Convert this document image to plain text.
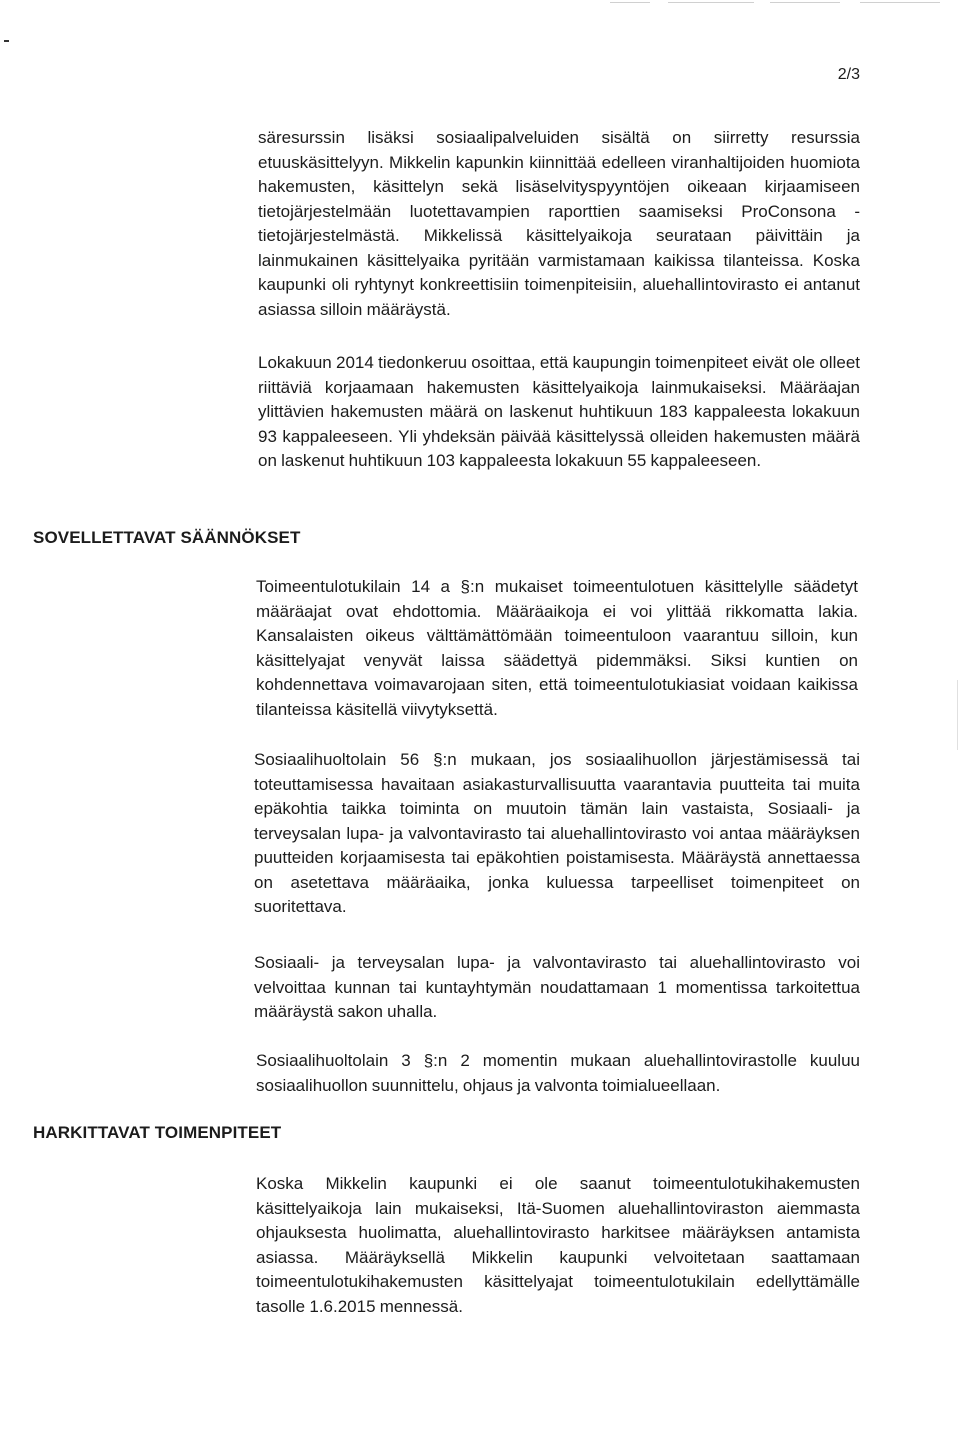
2/3

säresurssin lisäksi sosiaalipalveluiden sisältä on siirretty resurssia etuuskäsittelyyn. Mikkelin kapunkin kiinnittää edelleen viranhaltijoiden huomiota hakemusten, käsittelyn sekä lisäselvityspyyntöjen oikeaan kirjaamiseen tietojärjestelmään luotettavampien raporttien saamiseksi ProConsona -tietojärjestelmästä. Mikkelissä käsittelyaikoja seurataan päivittäin ja lainmukainen käsittelyaika pyritään varmistamaan kaikissa tilanteissa. Koska kaupunki oli ryhtynyt konkreettisiin toimenpiteisiin, aluehallintovirasto ei antanut asiassa silloin määräystä.

Lokakuun 2014 tiedonkeruu osoittaa, että kaupungin toimenpiteet eivät ole olleet riittäviä korjaamaan hakemusten käsittelyaikoja lainmukaiseksi. Määräajan ylittävien hakemusten määrä on laskenut huhtikuun 183 kappaleesta lokakuun 93 kappaleeseen. Yli yhdeksän päivää käsittelyssä olleiden hakemusten määrä on laskenut huhtikuun 103 kappaleesta lokakuun 55 kappaleeseen.

SOVELLETTAVAT SÄÄNNÖKSET

Toimeentulotukilain 14 a §:n mukaiset toimeentulotuen käsittelylle säädetyt määräajat ovat ehdottomia. Määräaikoja ei voi ylittää rikkomatta lakia. Kansalaisten oikeus välttämättömään toimeentuloon vaarantuu silloin, kun käsittelyajat venyvät laissa säädettyä pidemmäksi. Siksi kuntien on kohdennettava voimavarojaan siten, että toimeentulotukiasiat voidaan kaikissa tilanteissa käsitellä viivytyksettä.

Sosiaalihuoltolain 56 §:n mukaan, jos sosiaalihuollon järjestämisessä tai toteuttamisessa havaitaan asiakasturvallisuutta vaarantavia puutteita tai muita epäkohtia taikka toiminta on muutoin tämän lain vastaista, Sosiaali- ja terveysalan lupa- ja valvontavirasto tai aluehallintovirasto voi antaa määräyksen puutteiden korjaamisesta tai epäkohtien poistamisesta. Määräystä annettaessa on asetettava määräaika, jonka kuluessa tarpeelliset toimenpiteet on suoritettava.

Sosiaali- ja terveysalan lupa- ja valvontavirasto tai aluehallintovirasto voi velvoittaa kunnan tai kuntayhtymän noudattamaan 1 momentissa tarkoitettua määräystä sakon uhalla.

Sosiaalihuoltolain 3 §:n 2 momentin mukaan aluehallintovirastolle kuuluu sosiaalihuollon suunnittelu, ohjaus ja valvonta toimialueellaan.

HARKITTAVAT TOIMENPITEET

Koska Mikkelin kaupunki ei ole saanut toimeentulotukihakemusten käsittelyaikoja lain mukaiseksi, Itä-Suomen aluehallintoviraston aiemmasta ohjauksesta huolimatta, aluehallintovirasto harkitsee määräyksen antamista asiassa. Määräyksellä Mikkelin kaupunki velvoitetaan saattamaan toimeentulotukihakemusten käsittelyajat toimeentulotukilain edellyttämälle tasolle 1.6.2015 mennessä.
